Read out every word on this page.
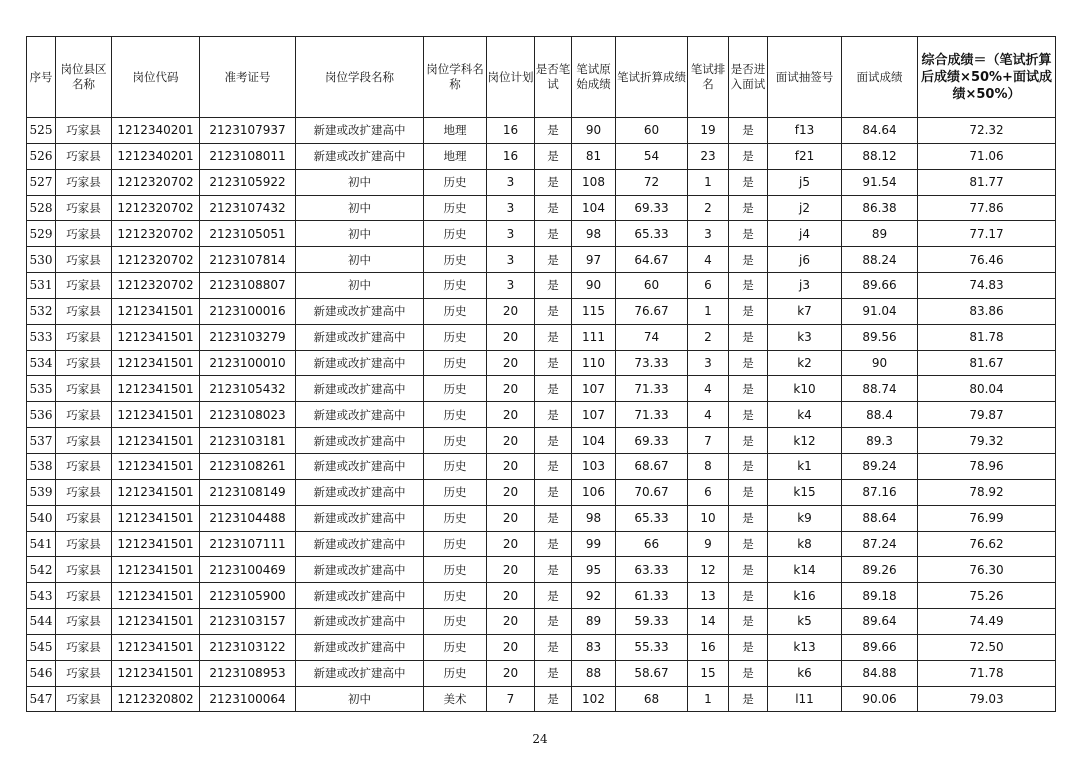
序号	岗位县区名称	岗位代码	准考证号	岗位学段名称	岗位学科名称	岗位计划	是否笔试	笔试原始成绩	笔试折算成绩	笔试排名	是否进入面试	面试抽签号	面试成绩	综合成绩＝（笔试折算后成绩×50%+面试成绩×50%）
525	巧家县	1212340201	2123107937	新建或改扩建高中	地理	16	是	90	60	19	是	f13	84.64	72.32
526	巧家县	1212340201	2123108011	新建或改扩建高中	地理	16	是	81	54	23	是	f21	88.12	71.06
527	巧家县	1212320702	2123105922	初中	历史	3	是	108	72	1	是	j5	91.54	81.77
528	巧家县	1212320702	2123107432	初中	历史	3	是	104	69.33	2	是	j2	86.38	77.86
529	巧家县	1212320702	2123105051	初中	历史	3	是	98	65.33	3	是	j4	89	77.17
530	巧家县	1212320702	2123107814	初中	历史	3	是	97	64.67	4	是	j6	88.24	76.46
531	巧家县	1212320702	2123108807	初中	历史	3	是	90	60	6	是	j3	89.66	74.83
532	巧家县	1212341501	2123100016	新建或改扩建高中	历史	20	是	115	76.67	1	是	k7	91.04	83.86
533	巧家县	1212341501	2123103279	新建或改扩建高中	历史	20	是	111	74	2	是	k3	89.56	81.78
534	巧家县	1212341501	2123100010	新建或改扩建高中	历史	20	是	110	73.33	3	是	k2	90	81.67
535	巧家县	1212341501	2123105432	新建或改扩建高中	历史	20	是	107	71.33	4	是	k10	88.74	80.04
536	巧家县	1212341501	2123108023	新建或改扩建高中	历史	20	是	107	71.33	4	是	k4	88.4	79.87
537	巧家县	1212341501	2123103181	新建或改扩建高中	历史	20	是	104	69.33	7	是	k12	89.3	79.32
538	巧家县	1212341501	2123108261	新建或改扩建高中	历史	20	是	103	68.67	8	是	k1	89.24	78.96
539	巧家县	1212341501	2123108149	新建或改扩建高中	历史	20	是	106	70.67	6	是	k15	87.16	78.92
540	巧家县	1212341501	2123104488	新建或改扩建高中	历史	20	是	98	65.33	10	是	k9	88.64	76.99
541	巧家县	1212341501	2123107111	新建或改扩建高中	历史	20	是	99	66	9	是	k8	87.24	76.62
542	巧家县	1212341501	2123100469	新建或改扩建高中	历史	20	是	95	63.33	12	是	k14	89.26	76.30
543	巧家县	1212341501	2123105900	新建或改扩建高中	历史	20	是	92	61.33	13	是	k16	89.18	75.26
544	巧家县	1212341501	2123103157	新建或改扩建高中	历史	20	是	89	59.33	14	是	k5	89.64	74.49
545	巧家县	1212341501	2123103122	新建或改扩建高中	历史	20	是	83	55.33	16	是	k13	89.66	72.50
546	巧家县	1212341501	2123108953	新建或改扩建高中	历史	20	是	88	58.67	15	是	k6	84.88	71.78
547	巧家县	1212320802	2123100064	初中	美术	7	是	102	68	1	是	l11	90.06	79.03
24
